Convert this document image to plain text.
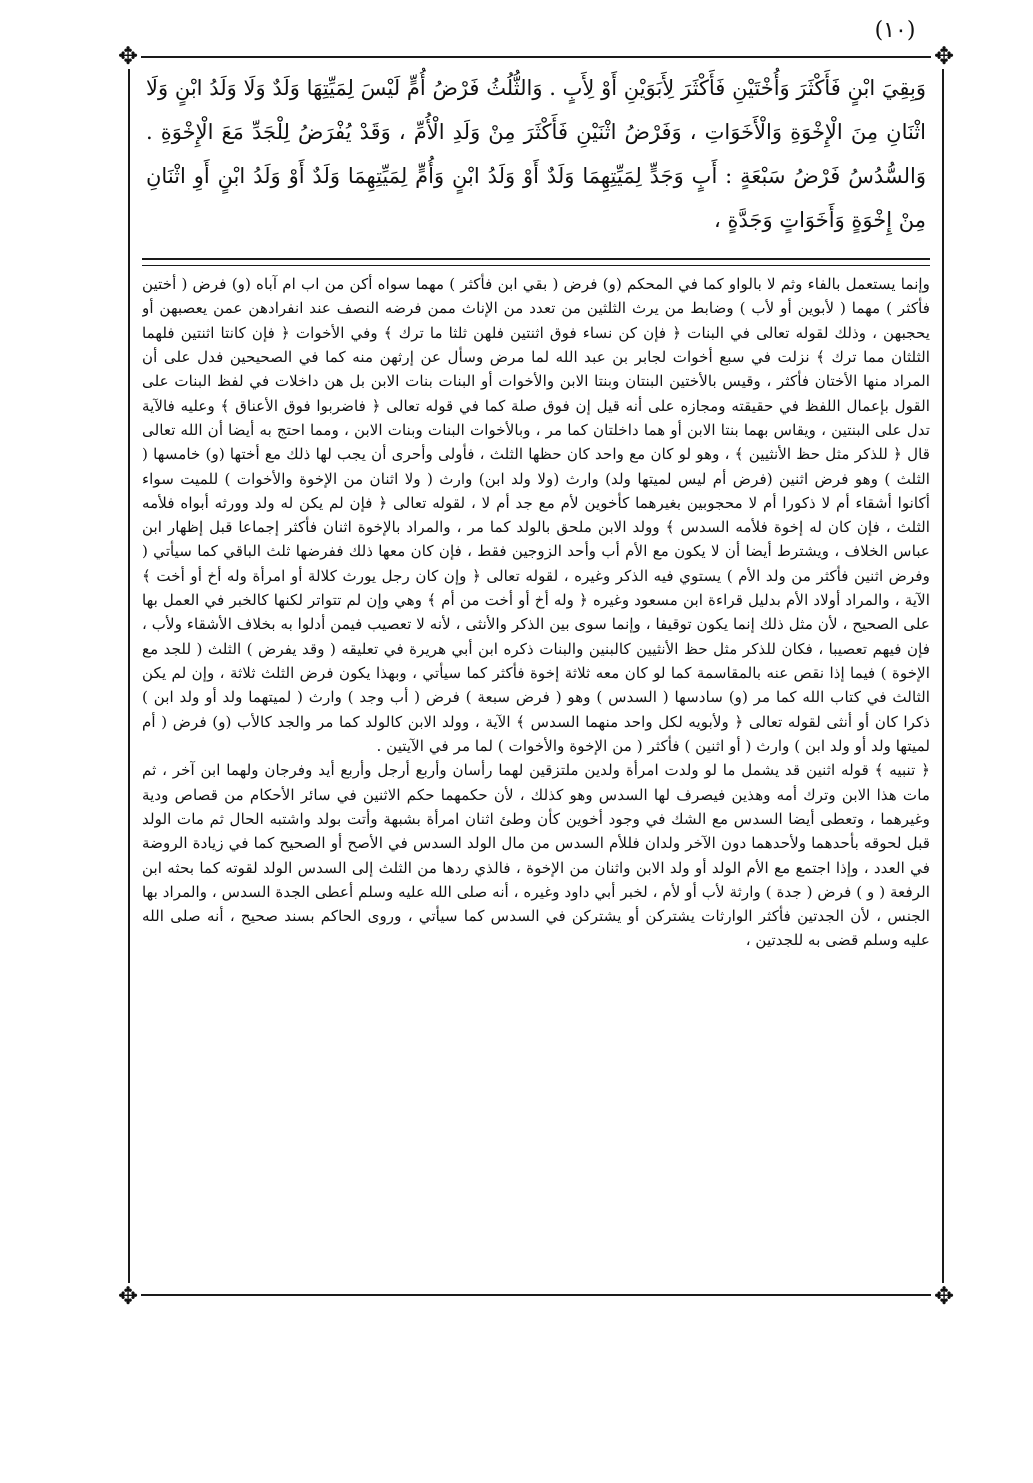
(١٠)
✥	✥
✥	✥

وَبِقِيَ ابْنٍ فَأَكْثَرَ وَأُخْتَيْنِ فَأَكْثَرَ لِأَبَوَيْنِ أَوْ لِأَبٍ . وَالثُّلُثُ فَرْضُ أُمٍّ لَيْسَ لِمَيِّتِهَا وَلَدٌ وَلَا وَلَدُ ابْنٍ وَلَا اثْنَانِ مِنَ الْإِخْوَةِ وَالْأَخَوَاتِ ، وَفَرْضُ اثْنَيْنِ فَأَكْثَرَ مِنْ وَلَدِ الْأُمِّ ، وَقَدْ يُفْرَضُ لِلْجَدِّ مَعَ الْإِخْوَةِ . وَالسُّدُسُ فَرْضُ سَبْعَةٍ : أَبٍ وَجَدٍّ لِمَيِّتِهِمَا وَلَدٌ أَوْ وَلَدُ ابْنٍ وَأُمٍّ لِمَيِّتِهِمَا وَلَدٌ أَوْ وَلَدُ ابْنٍ أَوِ اثْنَانِ مِنْ إِخْوَةٍ وَأَخَوَاتٍ وَجَدَّةٍ ،

وإنما يستعمل بالفاء وثم لا بالواو كما في المحكم (و) فرض ( بقي ابن فأكثر ) مهما سواه أكن من اب ام آباه (و) فرض ( أختين فأكثر ) مهما ( لأبوين أو لأب ) وضابط من يرث الثلثين من تعدد من الإناث ممن فرضه النصف عند انفرادهن عمن يعصبهن أو يحجبهن ، وذلك لقوله تعالى في البنات ﴿ فإن كن نساء فوق اثنتين فلهن ثلثا ما ترك ﴾ وفي الأخوات ﴿ فإن كانتا اثنتين فلهما الثلثان مما ترك ﴾ نزلت في سبع أخوات لجابر بن عبد الله لما مرض وسأل عن إرثهن منه كما في الصحيحين فدل على أن المراد منها الأختان فأكثر ، وقيس بالأختين البنتان وبنتا الابن والأخوات أو البنات بنات الابن بل هن داخلات في لفظ البنات على القول بإعمال اللفظ في حقيقته ومجازه على أنه قيل إن فوق صلة كما في قوله تعالى ﴿ فاضربوا فوق الأعناق ﴾ وعليه فالآية تدل على البنتين ، ويقاس بهما بنتا الابن أو هما داخلتان كما مر ، وبالأخوات البنات وبنات الابن ، ومما احتج به أيضا أن الله تعالى قال ﴿ للذكر مثل حظ الأنثيين ﴾ ، وهو لو كان مع واحد كان حظها الثلث ، فأولى وأحرى أن يجب لها ذلك مع أختها (و) خامسها ( الثلث ) وهو فرض اثنين (فرض أم ليس لميتها ولد) وارث (ولا ولد ابن) وارث ( ولا اثنان من الإخوة والأخوات ) للميت سواء أكانوا أشقاء أم لا ذكورا أم لا محجوبين بغيرهما كأخوين لأم مع جد أم لا ، لقوله تعالى ﴿ فإن لم يكن له ولد وورثه أبواه فلأمه الثلث ، فإن كان له إخوة فلأمه السدس ﴾ وولد الابن ملحق بالولد كما مر ، والمراد بالإخوة اثنان فأكثر إجماعا قبل إظهار ابن عباس الخلاف ، ويشترط أيضا أن لا يكون مع الأم أب وأحد الزوجين فقط ، فإن كان معها ذلك ففرضها ثلث الباقي كما سيأتي ( وفرض اثنين فأكثر من ولد الأم ) يستوي فيه الذكر وغيره ، لقوله تعالى ﴿ وإن كان رجل يورث كلالة أو امرأة وله أخ أو أخت ﴾ الآية ، والمراد أولاد الأم بدليل قراءة ابن مسعود وغيره ﴿ وله أخ أو أخت من أم ﴾ وهي وإن لم تتواتر لكنها كالخبر في العمل بها على الصحيح ، لأن مثل ذلك إنما يكون توقيفا ، وإنما سوى بين الذكر والأنثى ، لأنه لا تعصيب فيمن أدلوا به بخلاف الأشقاء ولأب ، فإن فيهم تعصيبا ، فكان للذكر مثل حظ الأنثيين كالبنين والبنات ذكره ابن أبي هريرة في تعليقه ( وقد يفرض ) الثلث ( للجد مع الإخوة ) فيما إذا نقص عنه بالمقاسمة كما لو كان معه ثلاثة إخوة فأكثر كما سيأتي ، وبهذا يكون فرض الثلث ثلاثة ، وإن لم يكن الثالث في كتاب الله كما مر (و) سادسها ( السدس ) وهو ( فرض سبعة ) فرض ( أب وجد ) وارث ( لميتهما ولد أو ولد ابن ) ذكرا كان أو أنثى لقوله تعالى ﴿ ولأبويه لكل واحد منهما السدس ﴾ الآية ، وولد الابن كالولد كما مر والجد كالأب (و) فرض ( أم لميتها ولد أو ولد ابن ) وارث ( أو اثنين ) فأكثر ( من الإخوة والأخوات ) لما مر في الآيتين .

﴿ تنبيه ﴾ قوله اثنين قد يشمل ما لو ولدت امرأة ولدين ملتزقين لهما رأسان وأربع أرجل وأربع أيد وفرجان ولهما ابن آخر ، ثم مات هذا الابن وترك أمه وهذين فيصرف لها السدس وهو كذلك ، لأن حكمهما حكم الاثنين في سائر الأحكام من قصاص ودية وغيرهما ، وتعطى أيضا السدس مع الشك في وجود أخوين كأن وطئ اثنان امرأة بشبهة وأتت بولد واشتبه الحال ثم مات الولد قبل لحوقه بأحدهما ولأحدهما دون الآخر ولدان فللأم السدس من مال الولد السدس في الأصح أو الصحيح كما في زيادة الروضة في العدد ، وإذا اجتمع مع الأم الولد أو ولد الابن واثنان من الإخوة ، فالذي ردها من الثلث إلى السدس الولد لقوته كما بحثه ابن الرفعة ( و ) فرض ( جدة ) وارثة لأب أو لأم ، لخبر أبي داود وغيره ، أنه صلى الله عليه وسلم أعطى الجدة السدس ، والمراد بها الجنس ، لأن الجدتين فأكثر الوارثات يشتركن أو يشتركن في السدس كما سيأتي ، وروى الحاكم بسند صحيح ، أنه صلى الله عليه وسلم قضى به للجدتين ،
